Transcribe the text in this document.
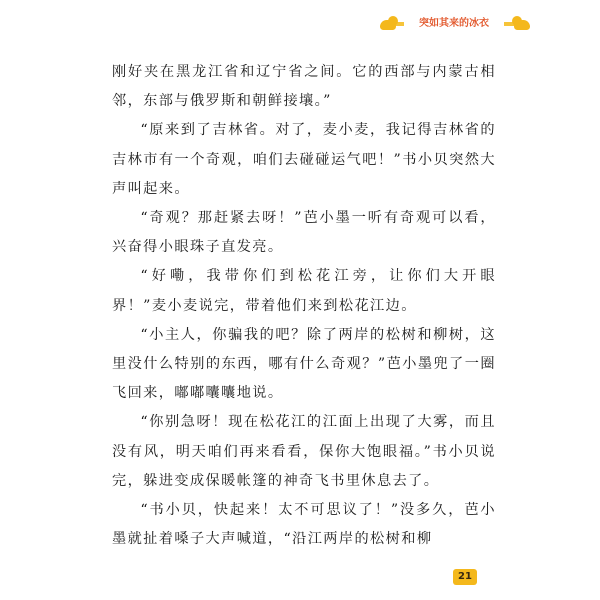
突如其来的冰衣

刚好夹在黑龙江省和辽宁省之间。它的西部与内蒙古相邻，东部与俄罗斯和朝鲜接壤。”

“原来到了吉林省。对了，麦小麦，我记得吉林省的吉林市有一个奇观，咱们去碰碰运气吧！”书小贝突然大声叫起来。

“奇观？那赶紧去呀！”芭小墨一听有奇观可以看，兴奋得小眼珠子直发亮。

“好嘞，我带你们到松花江旁，让你们大开眼界！”麦小麦说完，带着他们来到松花江边。

“小主人，你骗我的吧？除了两岸的松树和柳树，这里没什么特别的东西，哪有什么奇观？”芭小墨兜了一圈飞回来，嘟嘟囔囔地说。

“你别急呀！现在松花江的江面上出现了大雾，而且没有风，明天咱们再来看看，保你大饱眼福。”书小贝说完，躲进变成保暖帐篷的神奇飞书里休息去了。

“书小贝，快起来！太不可思议了！”没多久，芭小墨就扯着嗓子大声喊道，“沿江两岸的松树和柳

21
